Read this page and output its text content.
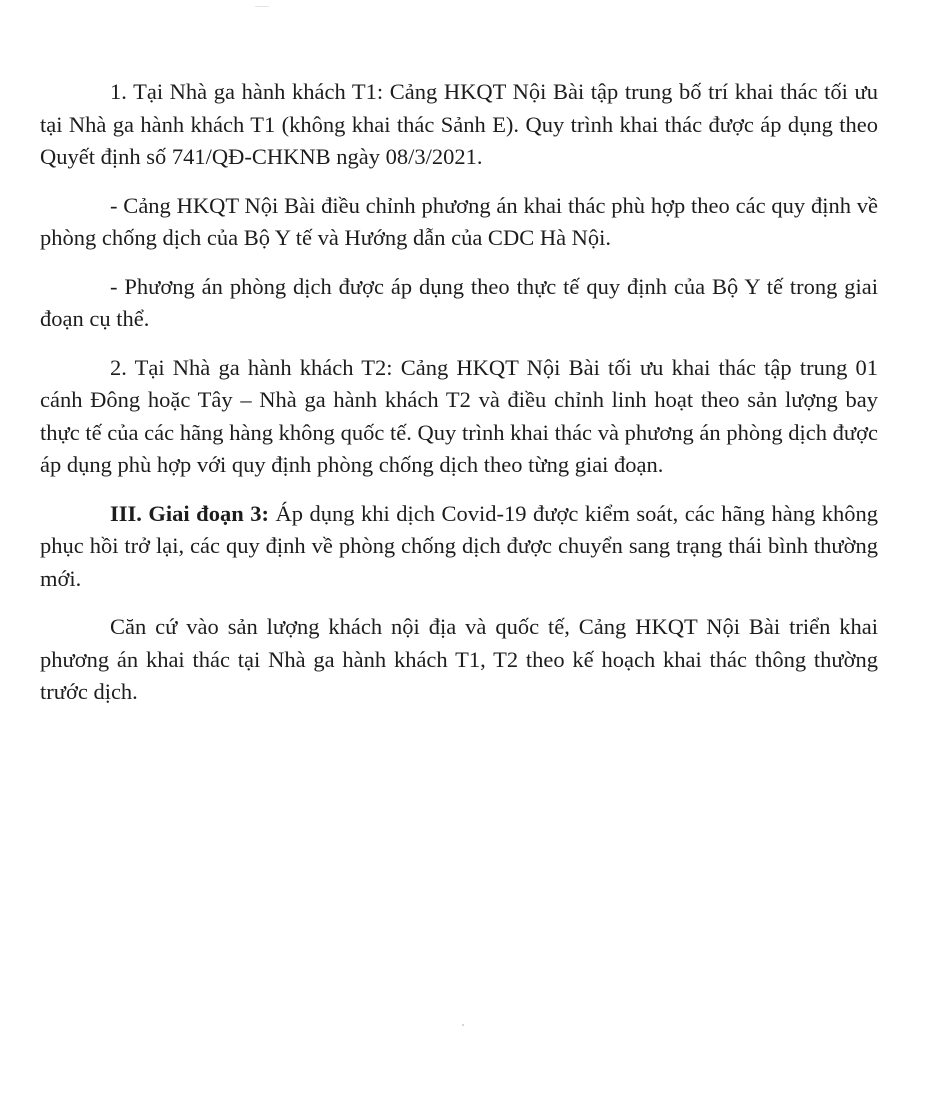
1. Tại Nhà ga hành khách T1: Cảng HKQT Nội Bài tập trung bố trí khai thác tối ưu tại Nhà ga hành khách T1 (không khai thác Sảnh E). Quy trình khai thác được áp dụng theo Quyết định số 741/QĐ-CHKNB ngày 08/3/2021.

- Cảng HKQT Nội Bài điều chỉnh phương án khai thác phù hợp theo các quy định về phòng chống dịch của Bộ Y tế và Hướng dẫn của CDC Hà Nội.

- Phương án phòng dịch được áp dụng theo thực tế quy định của Bộ Y tế trong giai đoạn cụ thể.

2. Tại Nhà ga hành khách T2: Cảng HKQT Nội Bài tối ưu khai thác tập trung 01 cánh Đông hoặc Tây – Nhà ga hành khách T2 và điều chỉnh linh hoạt theo sản lượng bay thực tế của các hãng hàng không quốc tế. Quy trình khai thác và phương án phòng dịch được áp dụng phù hợp với quy định phòng chống dịch theo từng giai đoạn.

III. Giai đoạn 3: Áp dụng khi dịch Covid-19 được kiểm soát, các hãng hàng không phục hồi trở lại, các quy định về phòng chống dịch được chuyển sang trạng thái bình thường mới.

Căn cứ vào sản lượng khách nội địa và quốc tế, Cảng HKQT Nội Bài triển khai phương án khai thác tại Nhà ga hành khách T1, T2 theo kế hoạch khai thác thông thường trước dịch.
